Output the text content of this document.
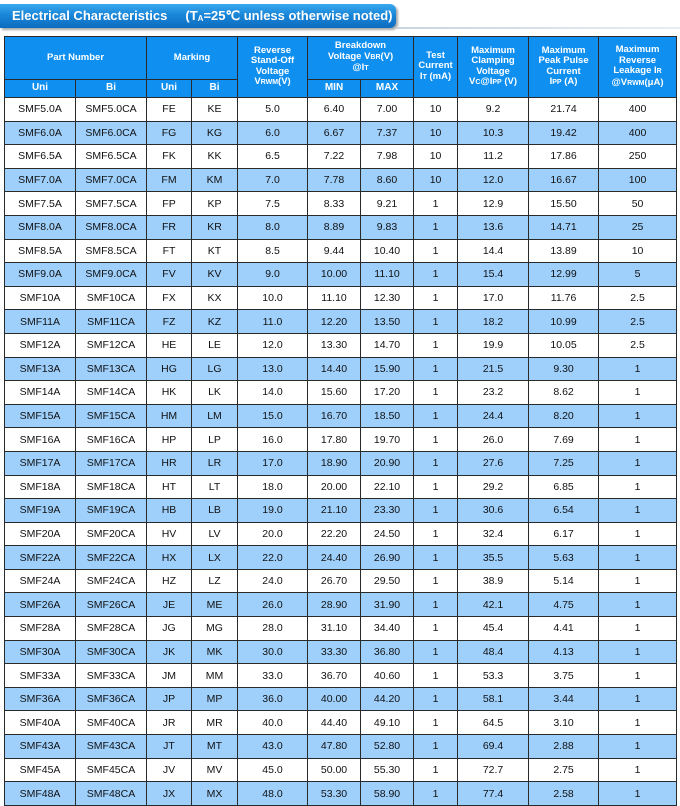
Electrical Characteristics ($T_A=25℃$ unless otherwise noted)
Part Number		Marking		Reverse
Stand-Off
Voltage
VRWM(V)	Breakdown
Voltage VBR(V)
@IT		Test
Current
IT (mA)	Maximum
Clamping
Voltage
VC@IPP (V)	Maximum
Peak Pulse
Current
IPP (A)	Maximum
Reverse
Leakage IR
@VRWM(μA)
Uni	Bi	Uni	Bi		MIN	MAX				
SMF5.0A	SMF5.0CA	FE	KE	5.0	6.40	7.00	10	9.2	21.74	400
SMF6.0A	SMF6.0CA	FG	KG	6.0	6.67	7.37	10	10.3	19.42	400
SMF6.5A	SMF6.5CA	FK	KK	6.5	7.22	7.98	10	11.2	17.86	250
SMF7.0A	SMF7.0CA	FM	KM	7.0	7.78	8.60	10	12.0	16.67	100
SMF7.5A	SMF7.5CA	FP	KP	7.5	8.33	9.21	1	12.9	15.50	50
SMF8.0A	SMF8.0CA	FR	KR	8.0	8.89	9.83	1	13.6	14.71	25
SMF8.5A	SMF8.5CA	FT	KT	8.5	9.44	10.40	1	14.4	13.89	10
SMF9.0A	SMF9.0CA	FV	KV	9.0	10.00	11.10	1	15.4	12.99	5
SMF10A	SMF10CA	FX	KX	10.0	11.10	12.30	1	17.0	11.76	2.5
SMF11A	SMF11CA	FZ	KZ	11.0	12.20	13.50	1	18.2	10.99	2.5
SMF12A	SMF12CA	HE	LE	12.0	13.30	14.70	1	19.9	10.05	2.5
SMF13A	SMF13CA	HG	LG	13.0	14.40	15.90	1	21.5	9.30	1
SMF14A	SMF14CA	HK	LK	14.0	15.60	17.20	1	23.2	8.62	1
SMF15A	SMF15CA	HM	LM	15.0	16.70	18.50	1	24.4	8.20	1
SMF16A	SMF16CA	HP	LP	16.0	17.80	19.70	1	26.0	7.69	1
SMF17A	SMF17CA	HR	LR	17.0	18.90	20.90	1	27.6	7.25	1
SMF18A	SMF18CA	HT	LT	18.0	20.00	22.10	1	29.2	6.85	1
SMF19A	SMF19CA	HB	LB	19.0	21.10	23.30	1	30.6	6.54	1
SMF20A	SMF20CA	HV	LV	20.0	22.20	24.50	1	32.4	6.17	1
SMF22A	SMF22CA	HX	LX	22.0	24.40	26.90	1	35.5	5.63	1
SMF24A	SMF24CA	HZ	LZ	24.0	26.70	29.50	1	38.9	5.14	1
SMF26A	SMF26CA	JE	ME	26.0	28.90	31.90	1	42.1	4.75	1
SMF28A	SMF28CA	JG	MG	28.0	31.10	34.40	1	45.4	4.41	1
SMF30A	SMF30CA	JK	MK	30.0	33.30	36.80	1	48.4	4.13	1
SMF33A	SMF33CA	JM	MM	33.0	36.70	40.60	1	53.3	3.75	1
SMF36A	SMF36CA	JP	MP	36.0	40.00	44.20	1	58.1	3.44	1
SMF40A	SMF40CA	JR	MR	40.0	44.40	49.10	1	64.5	3.10	1
SMF43A	SMF43CA	JT	MT	43.0	47.80	52.80	1	69.4	2.88	1
SMF45A	SMF45CA	JV	MV	45.0	50.00	55.30	1	72.7	2.75	1
SMF48A	SMF48CA	JX	MX	48.0	53.30	58.90	1	77.4	2.58	1
